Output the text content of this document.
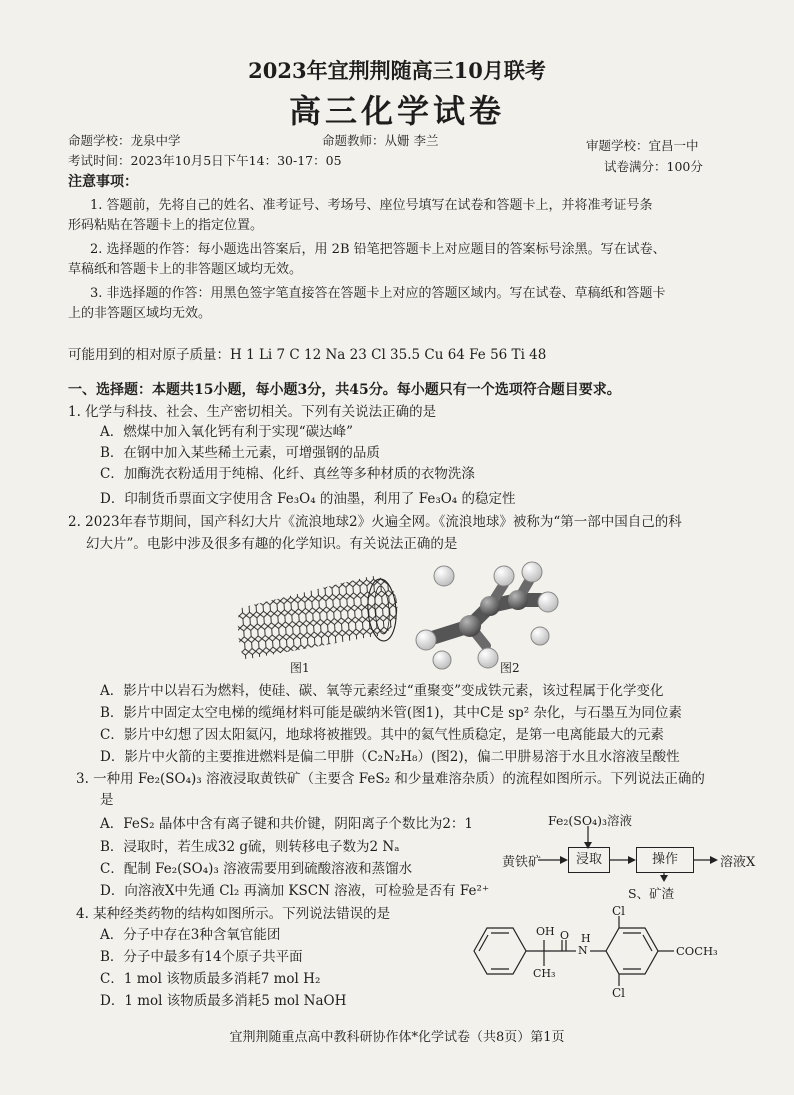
2023年宜荆荆随高三10月联考
高三化学试卷
命题学校：龙泉中学	命题教师：从姗 李兰	审题学校：宜昌一中
考试时间：2023年10月5日下午14：30-17：05	试卷满分：100分
注意事项：
1. 答题前，先将自己的姓名、准考证号、考场号、座位号填写在试卷和答题卡上，并将准考证号条
形码粘贴在答题卡上的指定位置。
2. 选择题的作答：每小题选出答案后，用 2B 铅笔把答题卡上对应题目的答案标号涂黑。写在试卷、
草稿纸和答题卡上的非答题区域均无效。
3. 非选择题的作答：用黑色签字笔直接答在答题卡上对应的答题区域内。写在试卷、草稿纸和答题卡
上的非答题区域均无效。
可能用到的相对原子质量：H 1 Li 7 C 12 Na 23 Cl 35.5 Cu 64 Fe 56 Ti 48
一、选择题：本题共15小题，每小题3分，共45分。每小题只有一个选项符合题目要求。
1. 化学与科技、社会、生产密切相关。下列有关说法正确的是
A．燃煤中加入氧化钙有利于实现“碳达峰”
B．在钢中加入某些稀土元素，可增强钢的品质
C．加酶洗衣粉适用于纯棉、化纤、真丝等多种材质的衣物洗涤
D．印制货币票面文字使用含 Fe₃O₄ 的油墨，利用了 Fe₃O₄ 的稳定性
2. 2023年春节期间，国产科幻大片《流浪地球2》火遍全网。《流浪地球》被称为“第一部中国自己的科
幻大片”。电影中涉及很多有趣的化学知识。有关说法正确的是
图1	图2
A．影片中以岩石为燃料，使硅、碳、氧等元素经过“重聚变”变成铁元素，该过程属于化学变化
B．影片中固定太空电梯的缆绳材料可能是碳纳米管(图1)，其中C是 sp² 杂化，与石墨互为同位素
C．影片中幻想了因太阳氦闪，地球将被摧毁。其中的氦气性质稳定，是第一电离能最大的元素
D．影片中火箭的主要推进燃料是偏二甲肼（C₂N₂H₈）(图2)，偏二甲肼易溶于水且水溶液呈酸性
3. 一种用 Fe₂(SO₄)₃ 溶液浸取黄铁矿（主要含 FeS₂ 和少量难溶杂质）的流程如图所示。下列说法正确的
是
A．FeS₂ 晶体中含有离子键和共价键，阴阳离子个数比为2：1
B．浸取时，若生成32 g硫，则转移电子数为2 Nₐ
C．配制 Fe₂(SO₄)₃ 溶液需要用到硫酸溶液和蒸馏水
D．向溶液X中先通 Cl₂ 再滴加 KSCN 溶液，可检验是否有 Fe²⁺
Fe₂(SO₄)₃溶液
黄铁矿	浸取	操作	溶液X
S、矿渣
4. 某种经类药物的结构如图所示。下列说法错误的是
A．分子中存在3种含氧官能团
B．分子中最多有14个原子共平面
C．1 mol 该物质最多消耗7 mol H₂
D．1 mol 该物质最多消耗5 mol NaOH
OH O H
N
CH₃
Cl
Cl
COCH₃
宜荆荆随重点高中教科研协作体*化学试卷（共8页）第1页
